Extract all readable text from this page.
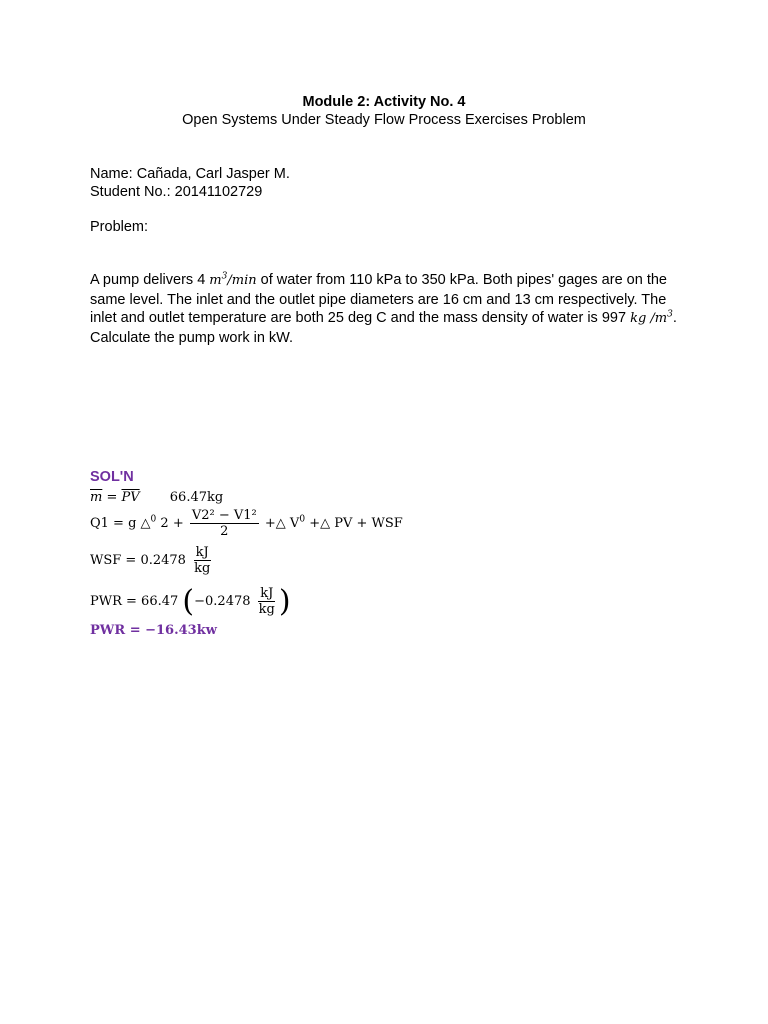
Module 2: Activity No. 4
Open Systems Under Steady Flow Process Exercises Problem
Name: Cañada, Carl Jasper M.
Student No.: 20141102729
Problem:
A pump delivers 4 $m^3/\min$ of water from 110 kPa to 350 kPa. Both pipes' gages are on the same level. The inlet and the outlet pipe diameters are 16 cm and 13 cm respectively. The inlet and outlet temperature are both 25 deg C and the mass density of water is 997 kg $/m^3$. Calculate the pump work in kW.
SOL'N
$\overline{m} = \overline{PV}$ 66.47kg
Q1 = g △$^0$ $2 + \frac{\text{V2² − V1²}}{2}$ +△ $V^0$ +△ PV + WSF
WSF = $0.2478 \frac{kJ}{kg}$
PWR = 66.47 ($-0.2478 \frac{kJ}{kg}$ )
PWR = −16.43kw
